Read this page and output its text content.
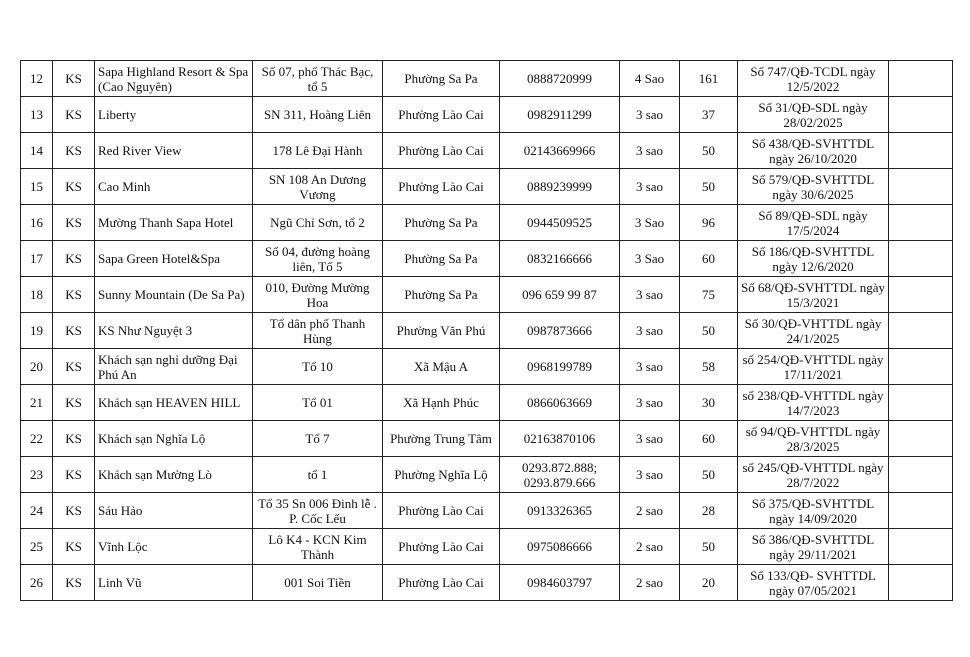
12	KS	Sapa Highland Resort & Spa (Cao Nguyên)	Số 07, phố Thác Bạc, tổ 5	Phường Sa Pa	0888720999	4 Sao	161	Số 747/QĐ-TCDL ngày 12/5/2022	
13	KS	Liberty	SN 311, Hoàng Liên	Phường Lào Cai	0982911299	3 sao	37	Số 31/QĐ-SDL ngày 28/02/2025	
14	KS	Red River View	178 Lê Đại Hành	Phường Lào Cai	02143669966	3 sao	50	Số 438/QĐ-SVHTTDL ngày 26/10/2020	
15	KS	Cao Minh	SN 108 An Dương Vương	Phường Lào Cai	0889239999	3 sao	50	Số 579/QĐ-SVHTTDL ngày 30/6/2025	
16	KS	Mường Thanh Sapa Hotel	Ngũ Chỉ Sơn, tổ 2	Phường Sa Pa	0944509525	3 Sao	96	Số 89/QĐ-SDL ngày 17/5/2024	
17	KS	Sapa Green Hotel&Spa	Số 04, đường hoàng liên, Tổ 5	Phường Sa Pa	0832166666	3 Sao	60	Số 186/QĐ-SVHTTDL ngày 12/6/2020	
18	KS	Sunny Mountain (De Sa Pa)	010, Đường Mường Hoa	Phường Sa Pa	096 659 99 87	3 sao	75	Số 68/QĐ-SVHTTDL ngày 15/3/2021	
19	KS	KS Như Nguyệt 3	Tổ dân phố Thanh Hùng	Phường Văn Phú	0987873666	3 sao	50	Số 30/QĐ-VHTTDL ngày 24/1/2025	
20	KS	Khách sạn nghỉ dưỡng Đại Phú An	Tổ 10	Xã Mậu A	0968199789	3 sao	58	số 254/QĐ-VHTTDL ngày 17/11/2021	
21	KS	Khách sạn HEAVEN HILL	Tổ 01	Xã Hạnh Phúc	0866063669	3 sao	30	số 238/QĐ-VHTTDL ngày 14/7/2023	
22	KS	Khách sạn Nghĩa Lộ	Tổ 7	Phường Trung Tâm	02163870106	3 sao	60	số 94/QĐ-VHTTDL ngày 28/3/2025	
23	KS	Khách sạn Mường Lò	tổ 1	Phường Nghĩa Lộ	0293.872.888; 0293.879.666	3 sao	50	số 245/QĐ-VHTTDL ngày 28/7/2022	
24	KS	Sáu Hảo	Tổ 35 Sn 006 Đinh lễ . P. Cốc Lếu	Phường Lào Cai	0913326365	2 sao	28	Số 375/QĐ-SVHTTDL ngày 14/09/2020	
25	KS	Vĩnh Lộc	Lô K4 - KCN Kim Thành	Phường Lào Cai	0975086666	2 sao	50	Số 386/QĐ-SVHTTDL ngày 29/11/2021	
26	KS	Linh Vũ	001 Soi Tiền	Phường Lào Cai	0984603797	2 sao	20	Số 133/QĐ- SVHTTDL ngày 07/05/2021	
